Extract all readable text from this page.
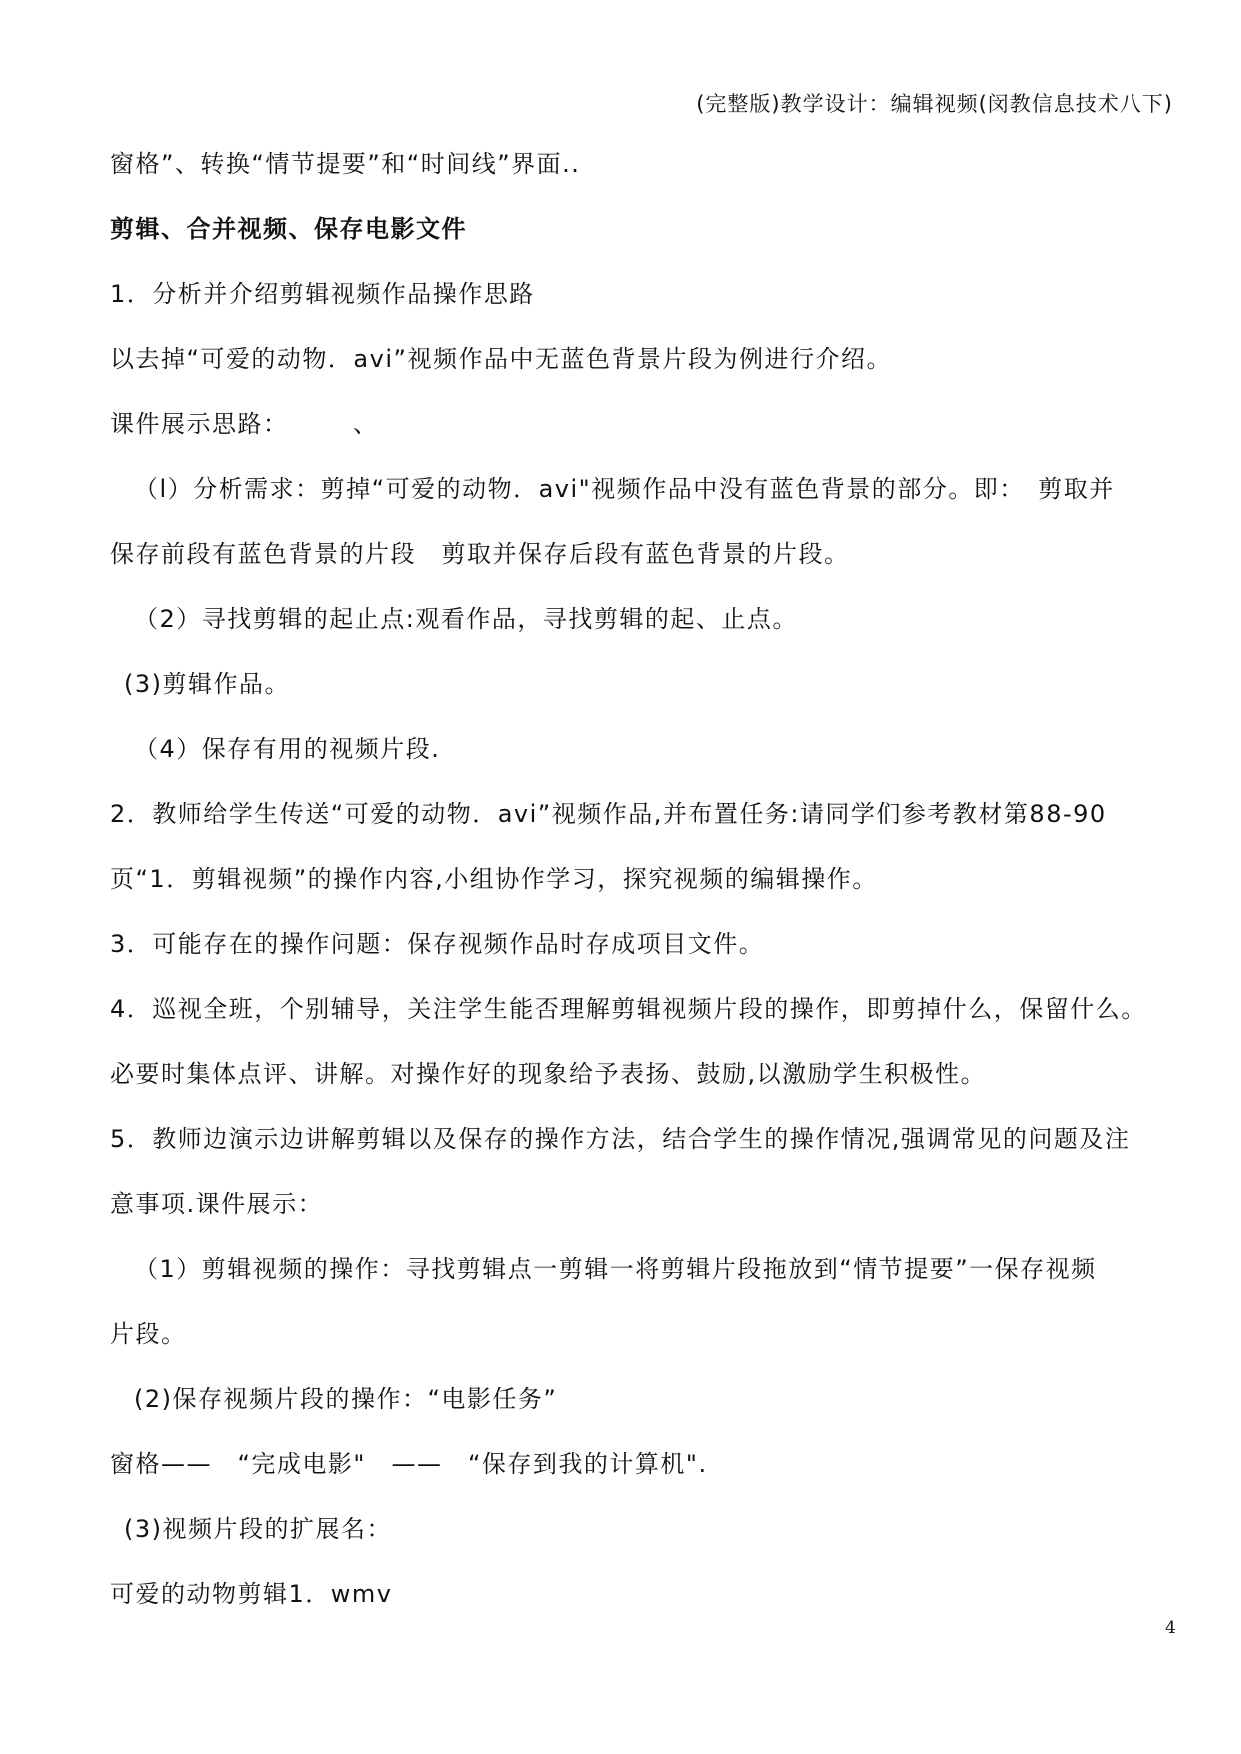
(完整版)教学设计：编辑视频(闵教信息技术八下)
窗格”、转换“情节提要”和“时间线”界面..
剪辑、合并视频、保存电影文件
1．分析并介绍剪辑视频作品操作思路
以去掉“可爱的动物．avi”视频作品中无蓝色背景片段为例进行介绍。
课件展示思路：　　　、
（l）分析需求：剪掉“可爱的动物．avi"视频作品中没有蓝色背景的部分。即：　剪取并
保存前段有蓝色背景的片段　剪取并保存后段有蓝色背景的片段。
（2）寻找剪辑的起止点:观看作品，寻找剪辑的起、止点。
(3)剪辑作品。
（4）保存有用的视频片段.
2．教师给学生传送“可爱的动物．avi”视频作品,并布置任务:请同学们参考教材第88-90
页“1．剪辑视频”的操作内容,小组协作学习，探究视频的编辑操作。
3．可能存在的操作问题：保存视频作品时存成项目文件。
4．巡视全班，个别辅导，关注学生能否理解剪辑视频片段的操作，即剪掉什么，保留什么。
必要时集体点评、讲解。对操作好的现象给予表扬、鼓励,以激励学生积极性。
5．教师边演示边讲解剪辑以及保存的操作方法，结合学生的操作情况,强调常见的问题及注
意事项.课件展示：
（1）剪辑视频的操作：寻找剪辑点一剪辑一将剪辑片段拖放到“情节提要”一保存视频
片段。
(2)保存视频片段的操作：“电影任务”
窗格——　“完成电影"　——　“保存到我的计算机".
(3)视频片段的扩展名：
可爱的动物剪辑1．wmv
4
